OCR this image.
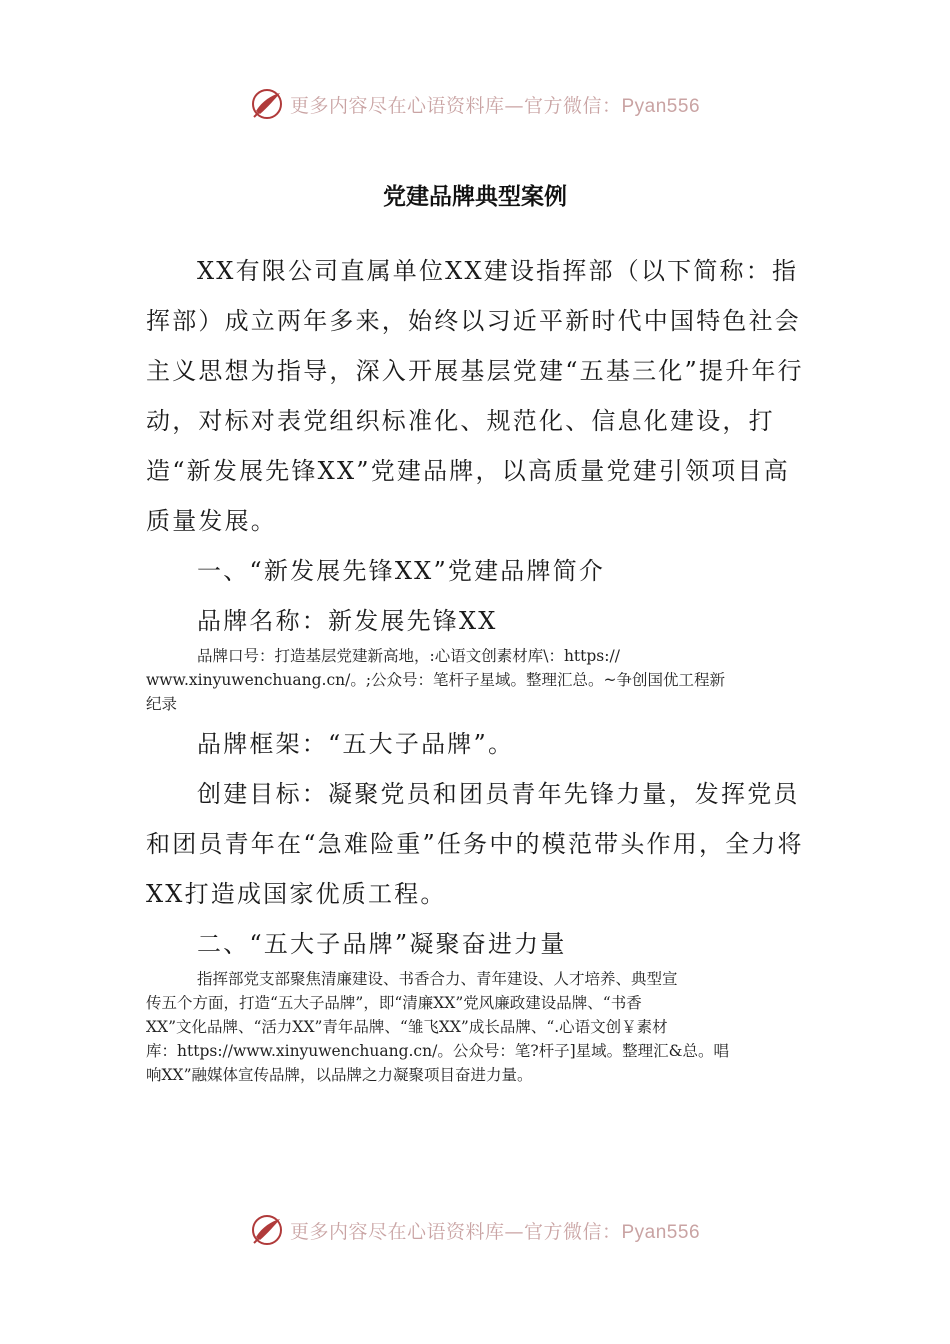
更多内容尽在心语资料库—官方微信：Pyan556
党建品牌典型案例

XX有限公司直属单位XX建设指挥部（以下简称：指挥部）成立两年多来，始终以习近平新时代中国特色社会主义思想为指导，深入开展基层党建“五基三化”提升年行动，对标对表党组织标准化、规范化、信息化建设，打造“新发展先锋XX”党建品牌，以高质量党建引领项目高质量发展。

一、“新发展先锋XX”党建品牌简介

品牌名称：新发展先锋XX

品牌口号：打造基层党建新高地，:心语文创素材库\：https://

www.xinyuwenchuang.cn/。;公众号：笔杆子星域。整理汇总。~争创国优工程新

纪录

品牌框架：“五大子品牌”。

创建目标：凝聚党员和团员青年先锋力量，发挥党员和团员青年在“急难险重”任务中的模范带头作用，全力将XX打造成国家优质工程。

二、“五大子品牌”凝聚奋进力量

指挥部党支部聚焦清廉建设、书香合力、青年建设、人才培养、典型宣

传五个方面，打造“五大子品牌”，即“清廉XX”党风廉政建设品牌、“书香

XX”文化品牌、“活力XX”青年品牌、“雏飞XX”成长品牌、“.心语文创￥素材

库：https://www.xinyuwenchuang.cn/。公众号：笔?杆子]星域。整理汇&总。唱

响XX”融媒体宣传品牌，以品牌之力凝聚项目奋进力量。

更多内容尽在心语资料库—官方微信：Pyan556
